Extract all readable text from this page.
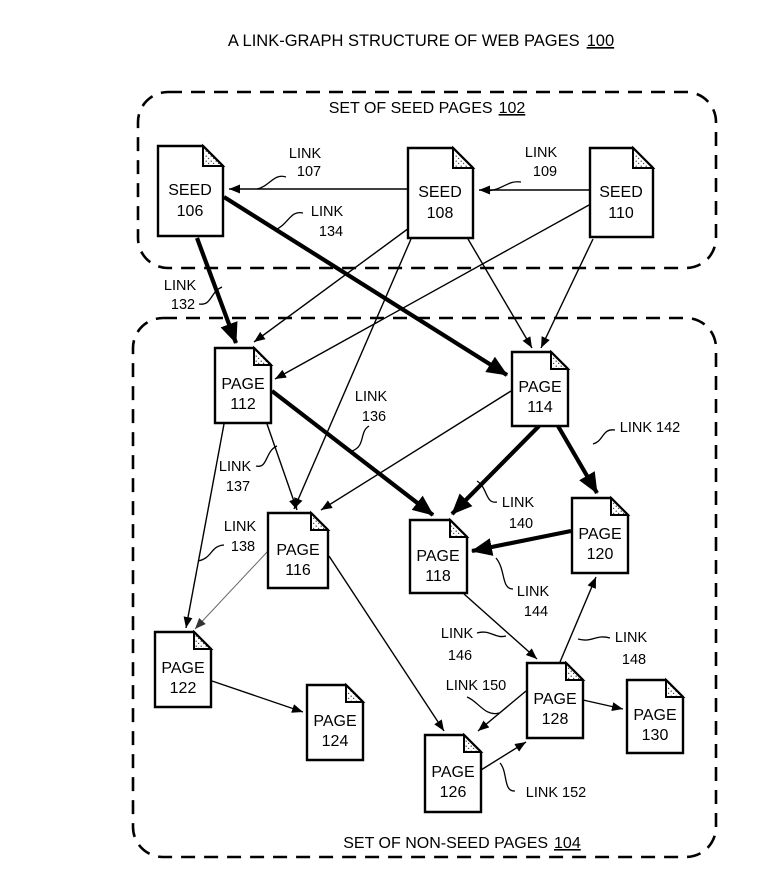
A LINK-GRAPH STRUCTURE OF WEB PAGES 100
SET OF SEED PAGES 102
SET OF NON-SEED PAGES 104
SEED 106
SEED 108
SEED 110
PAGE 112
PAGE 114
PAGE 116
PAGE 118
PAGE 120
PAGE 122
PAGE 124
PAGE 126
PAGE 128	PAGE 130
LINK 107
LINK 109
LINK 132
LINK 134
LINK 136
LINK 137
LINK 138
LINK 140
LINK 142
LINK 144
LINK 146
LINK 148
LINK 150
LINK 152
